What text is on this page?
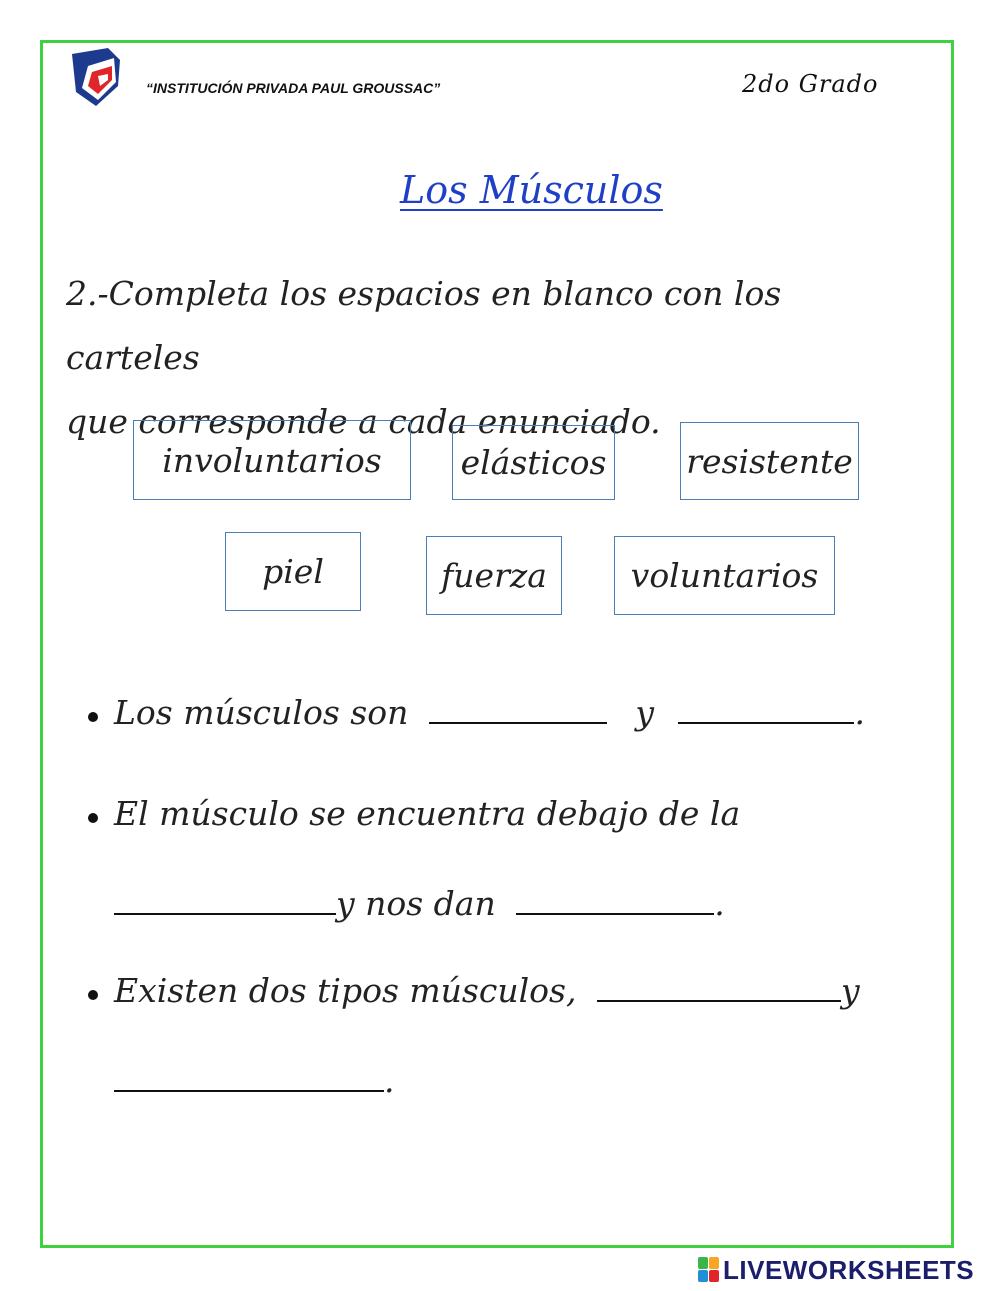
“INSTITUCIÓN PRIVADA PAUL GROUSSAC”	2do Grado
Los Músculos
2.-Completa los espacios en blanco con los carteles
que corresponde a cada enunciado.
involuntarios	elásticos resistente
piel	fuerza	voluntarios
Los músculos son	y	.
El músculo se encuentra debajo de la
y nos dan	.
Existen dos tipos músculos,	y
.
LIVEWORKSHEETS
